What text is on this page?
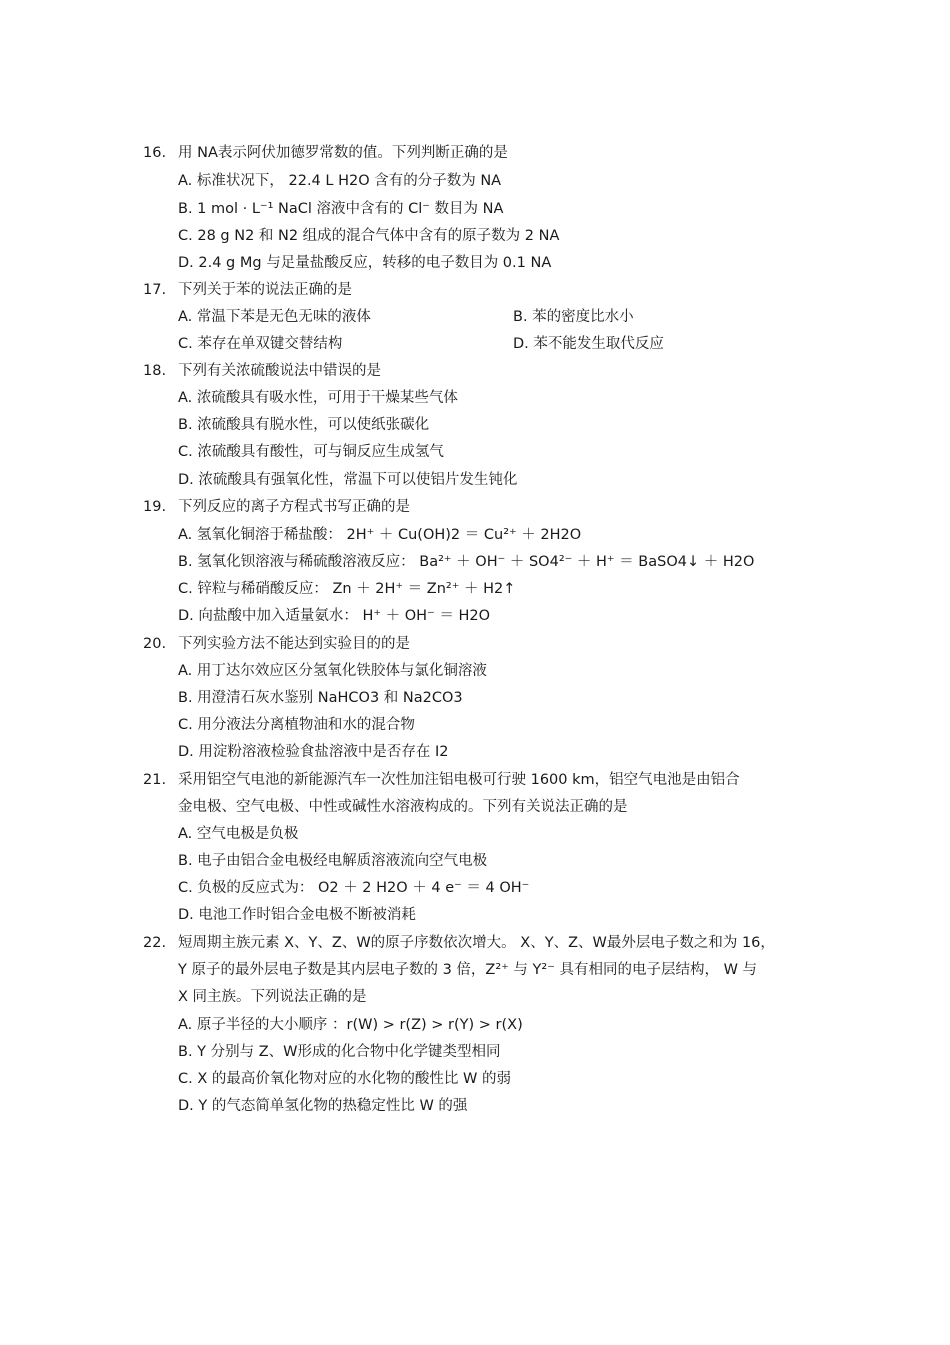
16. 用 NA表示阿伏加德罗常数的值。下列判断正确的是
A. 标准状况下， 22.4 L H2O 含有的分子数为 NA
B. 1 mol · L⁻¹ NaCl 溶液中含有的 Cl⁻ 数目为 NA
C. 28 g N2 和 N2 组成的混合气体中含有的原子数为 2 NA
D. 2.4 g Mg 与足量盐酸反应，转移的电子数目为 0.1 NA
17. 下列关于苯的说法正确的是
A. 常温下苯是无色无味的液体	B. 苯的密度比水小
C. 苯存在单双键交替结构	D. 苯不能发生取代反应
18. 下列有关浓硫酸说法中错误的是
A. 浓硫酸具有吸水性，可用于干燥某些气体
B. 浓硫酸具有脱水性，可以使纸张碳化
C. 浓硫酸具有酸性，可与铜反应生成氢气
D. 浓硫酸具有强氧化性，常温下可以使铝片发生钝化
19. 下列反应的离子方程式书写正确的是
A. 氢氧化铜溶于稀盐酸： 2H⁺ ＋ Cu(OH)2 ＝ Cu²⁺ ＋ 2H2O
B. 氢氧化钡溶液与稀硫酸溶液反应： Ba²⁺ ＋ OH⁻ ＋ SO4²⁻ ＋ H⁺ ＝ BaSO4↓ ＋ H2O
C. 锌粒与稀硝酸反应： Zn ＋ 2H⁺ ＝ Zn²⁺ ＋ H2↑
D. 向盐酸中加入适量氨水： H⁺ ＋ OH⁻ ＝ H2O
20. 下列实验方法不能达到实验目的的是
A. 用丁达尔效应区分氢氧化铁胶体与氯化铜溶液
B. 用澄清石灰水鉴别 NaHCO3 和 Na2CO3
C. 用分液法分离植物油和水的混合物
D. 用淀粉溶液检验食盐溶液中是否存在 I2
21. 采用铝空气电池的新能源汽车一次性加注铝电极可行驶 1600 km，铝空气电池是由铝合
金电极、空气电极、中性或碱性水溶液构成的。下列有关说法正确的是
A. 空气电极是负极
B. 电子由铝合金电极经电解质溶液流向空气电极
C. 负极的反应式为： O2 ＋ 2 H2O ＋ 4 e⁻ ＝ 4 OH⁻
D. 电池工作时铝合金电极不断被消耗
22. 短周期主族元素 X、Y、Z、W的原子序数依次增大。 X、Y、Z、W最外层电子数之和为 16，
Y 原子的最外层电子数是其内层电子数的 3 倍，Z²⁺ 与 Y²⁻ 具有相同的电子层结构， W 与
X 同主族。下列说法正确的是
A. 原子半径的大小顺序 ：r(W) > r(Z) > r(Y) > r(X)
B. Y 分别与 Z、W形成的化合物中化学键类型相同
C. X 的最高价氧化物对应的水化物的酸性比 W 的弱
D. Y 的气态简单氢化物的热稳定性比 W 的强
